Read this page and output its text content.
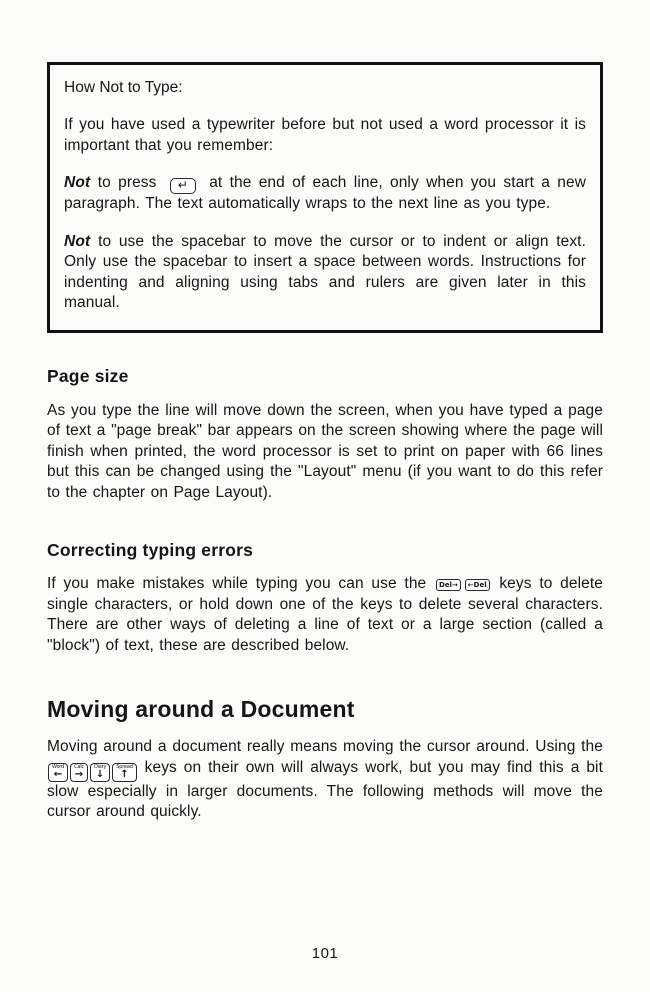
How Not to Type:

If you have used a typewriter before but not used a word processor it is important that you remember:

Not to press ↵ at the end of each line, only when you start a new paragraph. The text automatically wraps to the next line as you type.

Not to use the spacebar to move the cursor or to indent or align text. Only use the spacebar to insert a space between words. Instructions for indenting and aligning using tabs and rulers are given later in this manual.

Page size

As you type the line will move down the screen, when you have typed a page of text a "page break" bar appears on the screen showing where the page will finish when printed, the word processor is set to print on paper with 66 lines but this can be changed using the "Layout" menu (if you want to do this refer to the chapter on Page Layout).

Correcting typing errors

If you make mistakes while typing you can use the Del→ ←Del keys to delete single characters, or hold down one of the keys to delete several characters. There are other ways of deleting a line of text or a large section (called a "block") of text, these are described below.

Moving around a Document

Moving around a document really means moving the cursor around. Using the
Word
←
Calc
→
Diary
↓
Spread
↑ keys on their own will always work, but you may find this a bit slow especially in larger documents. The following methods will move the cursor around quickly.

101
